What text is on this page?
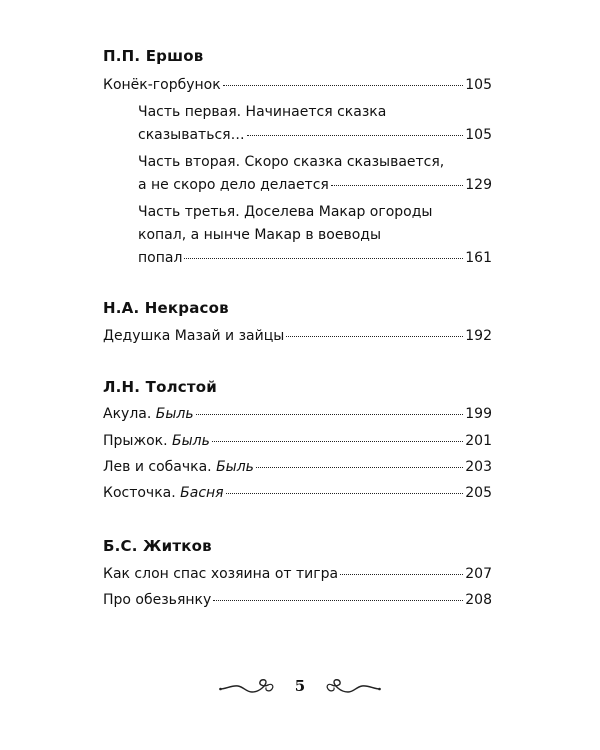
П.П. Ершов
Конёк-горбунок	105
Часть первая. Начинается сказка
сказываться…	105
Часть вторая. Скоро сказка сказывается,
а не скоро дело делается	129
Часть третья. Доселева Макар огороды
копал, а нынче Макар в воеводы
попал	161
Н.А. Некрасов
Дедушка Мазай и зайцы	192
Л.Н. Толстой
Акула. Быль	199
Прыжок. Быль	201
Лев и собачка. Быль	203
Косточка. Басня	205
Б.С. Житков
Как слон спас хозяина от тигра	207
Про обезьянку	208
5
